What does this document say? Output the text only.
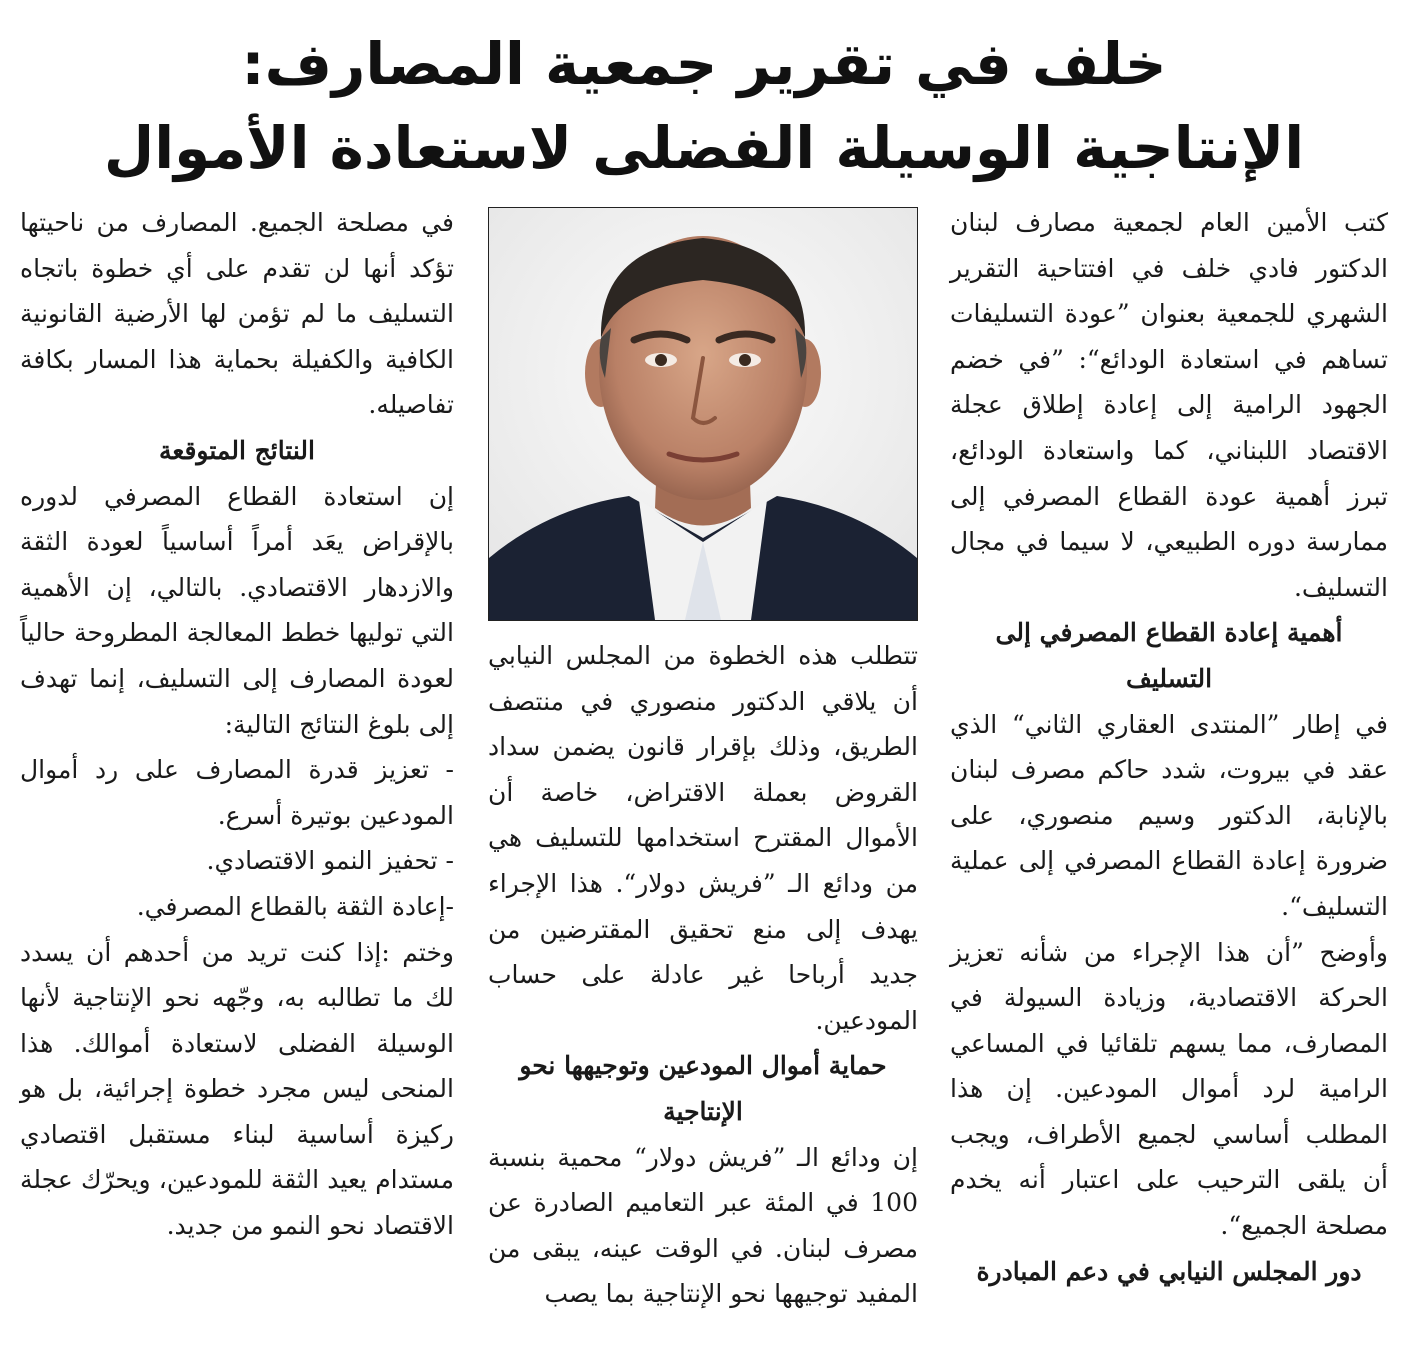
خلف في تقرير جمعية المصارف:
الإنتاجية الوسيلة الفضلى لاستعادة الأموال

كتب الأمين العام لجمعية مصارف لبنان الدكتور فادي خلف في افتتاحية التقرير الشهري للجمعية بعنوان ”عودة التسليفات تساهم في استعادة الودائع“: ”في خضم الجهود الرامية إلى إعادة إطلاق عجلة الاقتصاد اللبناني، كما واستعادة الودائع، تبرز أهمية عودة القطاع المصرفي إلى ممارسة دوره الطبيعي، لا سيما في مجال التسليف.

أهمية إعادة القطاع المصرفي إلى التسليف

في إطار ”المنتدى العقاري الثاني“ الذي عقد في بيروت، شدد حاكم مصرف لبنان بالإنابة، الدكتور وسيم منصوري، على ضرورة إعادة القطاع المصرفي إلى عملية التسليف“.

وأوضح ”أن هذا الإجراء من شأنه تعزيز الحركة الاقتصادية، وزيادة السيولة في المصارف، مما يسهم تلقائيا في المساعي الرامية لرد أموال المودعين. إن هذا المطلب أساسي لجميع الأطراف، ويجب أن يلقى الترحيب على اعتبار أنه يخدم مصلحة الجميع“.

دور المجلس النيابي في دعم المبادرة

تتطلب هذه الخطوة من المجلس النيابي أن يلاقي الدكتور منصوري في منتصف الطريق، وذلك بإقرار قانون يضمن سداد القروض بعملة الاقتراض، خاصة أن الأموال المقترح استخدامها للتسليف هي من ودائع الـ ”فريش دولار“. هذا الإجراء يهدف إلى منع تحقيق المقترضين من جديد أرباحا غير عادلة على حساب المودعين.

حماية أموال المودعين وتوجيهها نحو الإنتاجية

إن ودائع الـ ”فريش دولار“ محمية بنسبة 100 في المئة عبر التعاميم الصادرة عن مصرف لبنان. في الوقت عينه، يبقى من المفيد توجيهها نحو الإنتاجية بما يصب

في مصلحة الجميع. المصارف من ناحيتها تؤكد أنها لن تقدم على أي خطوة باتجاه التسليف ما لم تؤمن لها الأرضية القانونية الكافية والكفيلة بحماية هذا المسار بكافة تفاصيله.

النتائج المتوقعة

إن استعادة القطاع المصرفي لدوره بالإقراض يعَد أمراً أساسياً لعودة الثقة والازدهار الاقتصادي. بالتالي، إن الأهمية التي توليها خطط المعالجة المطروحة حالياً لعودة المصارف إلى التسليف، إنما تهدف إلى بلوغ النتائج التالية:

- تعزيز قدرة المصارف على رد أموال المودعين بوتيرة أسرع.

- تحفيز النمو الاقتصادي.

-إعادة الثقة بالقطاع المصرفي.

وختم :إذا كنت تريد من أحدهم أن يسدد لك ما تطالبه به، وجّهه نحو الإنتاجية لأنها الوسيلة الفضلى لاستعادة أموالك. هذا المنحى ليس مجرد خطوة إجرائية، بل هو ركيزة أساسية لبناء مستقبل اقتصادي مستدام يعيد الثقة للمودعين، ويحرّك عجلة الاقتصاد نحو النمو من جديد.
